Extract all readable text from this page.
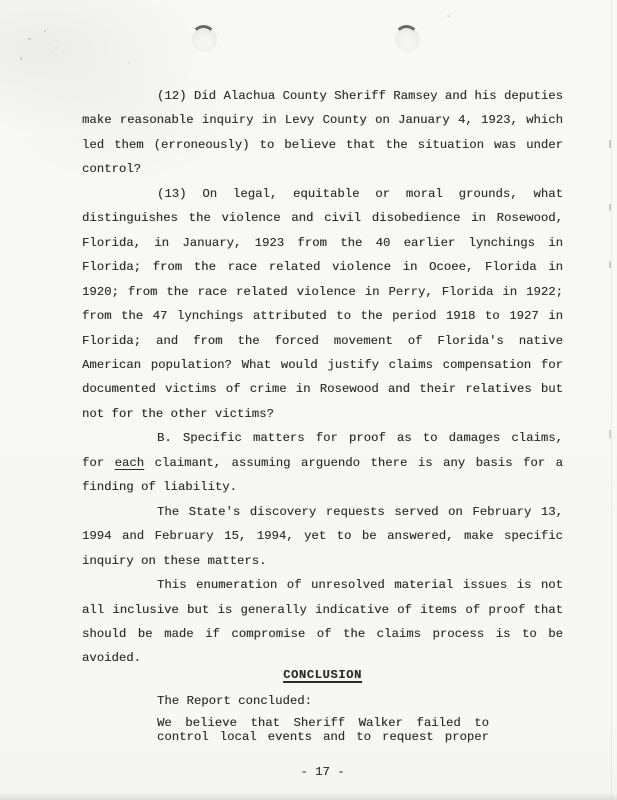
(12) Did Alachua County Sheriff Ramsey and his deputies
make reasonable inquiry in Levy County on January 4, 1923, which
led them (erroneously) to believe that the situation was under
control?
(13) On legal, equitable or moral grounds, what
distinguishes the violence and civil disobedience in Rosewood,
Florida, in January, 1923 from the 40 earlier lynchings in
Florida; from the race related violence in Ocoee, Florida in
1920; from the race related violence in Perry, Florida in 1922;
from the 47 lynchings attributed to the period 1918 to 1927 in
Florida; and from the forced movement of Florida's native
American population? What would justify claims compensation for
documented victims of crime in Rosewood and their relatives but
not for the other victims?
B. Specific matters for proof as to damages claims,
for each claimant, assuming arguendo there is any basis for a
finding of liability.
The State's discovery requests served on February 13,
1994 and February 15, 1994, yet to be answered, make specific
inquiry on these matters.
This enumeration of unresolved material issues is not
all inclusive but is generally indicative of items of proof that
should be made if compromise of the claims process is to be
avoided.
CONCLUSION
The Report concluded:
We believe that Sheriff Walker failed to
control local events and to request proper
- 17 -
